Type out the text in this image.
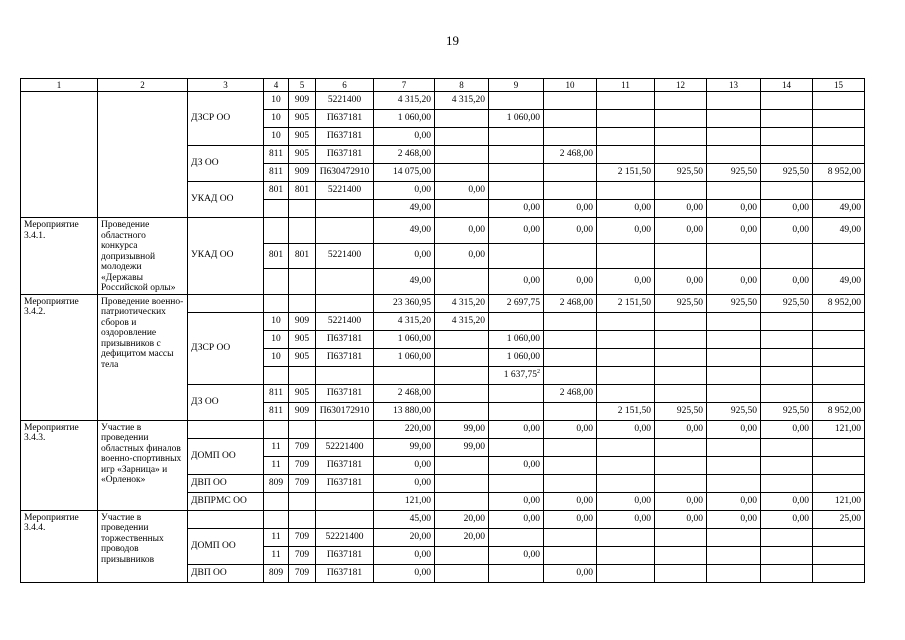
19
1	2	3	4	5	6	7	8	9	10	11	12	13	14	15
		ДЗСР ОО	10	909	5221400	4 315,20	4 315,20							
			10	905	П637181	1 060,00		1 060,00						
			10	905	П637181	0,00								
		ДЗ ОО	811	905	П637181	2 468,00			2 468,00					
			811	909	П630472910	14 075,00				2 151,50	925,50	925,50	925,50	8 952,00
		УКАД ОО	801	801	5221400	0,00	0,00							
						49,00		0,00	0,00	0,00	0,00	0,00	0,00	49,00
Мероприятие 3.4.1.	Проведение областного конкурса допризывной молодежи «Державы Российской орлы»	УКАД ОО				49,00	0,00	0,00	0,00	0,00	0,00	0,00	0,00	49,00
			801	801	5221400	0,00	0,00							
						49,00		0,00	0,00	0,00	0,00	0,00	0,00	49,00
Мероприятие 3.4.2.	Проведение военно-патриотических сборов и оздоровление призывников с дефицитом массы тела					23 360,95	4 315,20	2 697,75	2 468,00	2 151,50	925,50	925,50	925,50	8 952,00
		ДЗСР ОО	10	909	5221400	4 315,20	4 315,20							
			10	905	П637181	1 060,00		1 060,00						
			10	905	П637181	1 060,00		1 060,00						
								1 637,75$^2$						
		ДЗ ОО	811	905	П637181	2 468,00			2 468,00					
			811	909	П630172910	13 880,00				2 151,50	925,50	925,50	925,50	8 952,00
Мероприятие 3.4.3.	Участие в проведении областных финалов военно-спортивных игр «Зарница» и «Орленок»					220,00	99,00	0,00	0,00	0,00	0,00	0,00	0,00	121,00
		ДОМП ОО	11	709	52221400	99,00	99,00							
			11	709	П637181	0,00		0,00						
		ДВП ОО	809	709	П637181	0,00								
		ДВПРМС ОО				121,00		0,00	0,00	0,00	0,00	0,00	0,00	121,00
Мероприятие 3.4.4.	Участие в проведении торжественных проводов призывников					45,00	20,00	0,00	0,00	0,00	0,00	0,00	0,00	25,00
		ДОМП ОО	11	709	52221400	20,00	20,00							
			11	709	П637181	0,00		0,00						
		ДВП ОО	809	709	П637181	0,00			0,00					
